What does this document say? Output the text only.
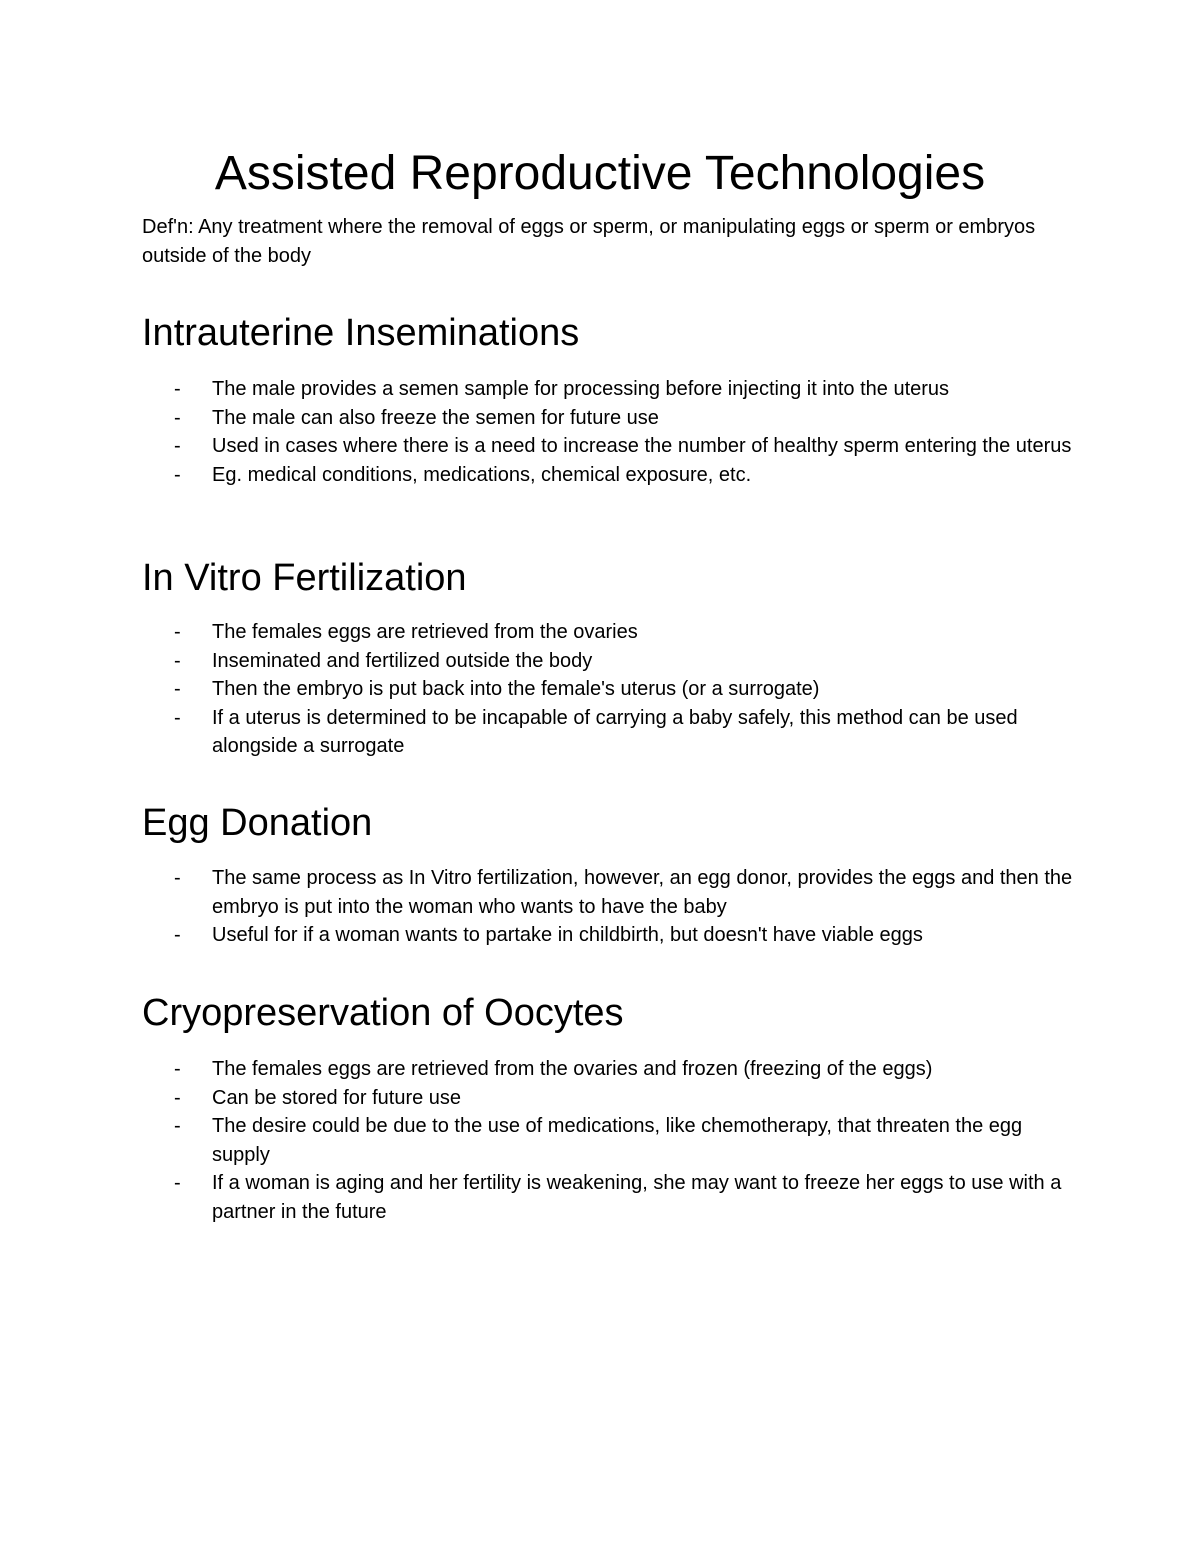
Assisted Reproductive Technologies

Def'n: Any treatment where the removal of eggs or sperm, or manipulating eggs or sperm or embryos outside of the body

Intrauterine Inseminations
- The male provides a semen sample for processing before injecting it into the uterus
- The male can also freeze the semen for future use
- Used in cases where there is a need to increase the number of healthy sperm entering the uterus
- Eg. medical conditions, medications, chemical exposure, etc.
In Vitro Fertilization
- The females eggs are retrieved from the ovaries
- Inseminated and fertilized outside the body
- Then the embryo is put back into the female's uterus (or a surrogate)
- If a uterus is determined to be incapable of carrying a baby safely, this method can be used alongside a surrogate
Egg Donation
- The same process as In Vitro fertilization, however, an egg donor, provides the eggs and then the embryo is put into the woman who wants to have the baby
- Useful for if a woman wants to partake in childbirth, but doesn't have viable eggs
Cryopreservation of Oocytes
- The females eggs are retrieved from the ovaries and frozen (freezing of the eggs)
- Can be stored for future use
- The desire could be due to the use of medications, like chemotherapy, that threaten the egg supply
- If a woman is aging and her fertility is weakening, she may want to freeze her eggs to use with a partner in the future
